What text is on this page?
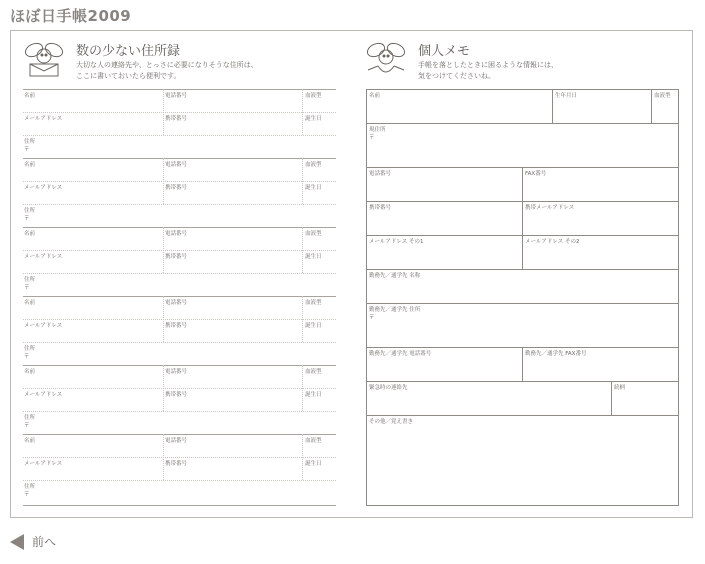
ほぼ日手帳2009
数の少ない住所録
大切な人の連絡先や、とっさに必要になりそうな住所は、
ここに書いておいたら便利です。
名前	電話番号	血液型
メールアドレス	携帯番号	誕生日
住所
〒
名前	電話番号	血液型
メールアドレス	携帯番号	誕生日
住所
〒
名前	電話番号	血液型
メールアドレス	携帯番号	誕生日
住所
〒
名前	電話番号	血液型
メールアドレス	携帯番号	誕生日
住所
〒
名前	電話番号	血液型
メールアドレス	携帯番号	誕生日
住所
〒
名前	電話番号	血液型
メールアドレス	携帯番号	誕生日
住所
〒
個人メモ
手帳を落としたときに困るような情報には、
気をつけてくださいね。
名前	生年月日	血液型
現住所
〒
電話番号	FAX番号
携帯番号	携帯メールアドレス
メールアドレス その1	メールアドレス その2
勤務先／通学先 名称
勤務先／通学先 住所
〒
勤務先／通学先 電話番号	勤務先／通学先 FAX番号
緊急時の連絡先	続柄
その他／覚え書き
前へ
